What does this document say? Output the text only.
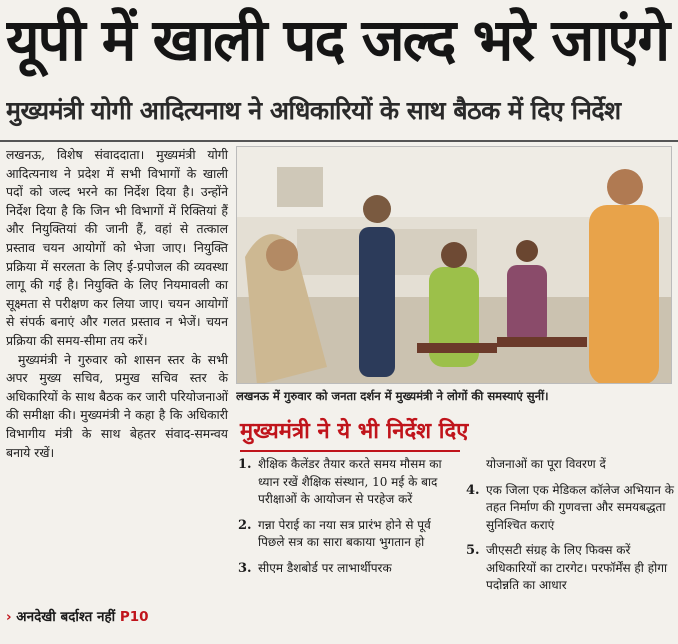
यूपी में खाली पद जल्द भरे जाएंगे
मुख्यमंत्री योगी आदित्यनाथ ने अधिकारियों के साथ बैठक में दिए निर्देश

लखनऊ, विशेष संवाददाता। मुख्यमंत्री योगी आदित्यनाथ ने प्रदेश में सभी विभागों के खाली पदों को जल्द भरने का निर्देश दिया है। उन्होंने निर्देश दिया है कि जिन भी विभागों में रिक्तियां हैं और नियुक्तियां की जानी हैं, वहां से तत्काल प्रस्ताव चयन आयोगों को भेजा जाए। नियुक्ति प्रक्रिया में सरलता के लिए ई-प्रपोजल की व्यवस्था लागू की गई है। नियुक्ति के लिए नियमावली का सूक्ष्मता से परीक्षण कर लिया जाए। चयन आयोगों से संपर्क बनाएं और गलत प्रस्ताव न भेजें। चयन प्रक्रिया की समय-सीमा तय करें।

मुख्यमंत्री ने गुरुवार को शासन स्तर के सभी अपर मुख्य सचिव, प्रमुख सचिव स्तर के अधिकारियों के साथ बैठक कर जारी परियोजनाओं की समीक्षा की। मुख्यमंत्री ने कहा है कि अधिकारी विभागीय मंत्री के साथ बेहतर संवाद-समन्वय बनाये रखें।

› अनदेखी बर्दाश्त नहीं P10
लखनऊ में गुरुवार को जनता दर्शन में मुख्यमंत्री ने लोगों की समस्याएं सुनीं।
मुख्यमंत्री ने ये भी निर्देश दिए
1. शैक्षिक कैलेंडर तैयार करते समय मौसम का ध्यान रखें शैक्षिक संस्थान, 10 मई के बाद परीक्षाओं के आयोजन से परहेज करें
2. गन्ना पेराई का नया सत्र प्रारंभ होने से पूर्व पिछले सत्र का सारा बकाया भुगतान हो
3. सीएम डैशबोर्ड पर लाभार्थीपरक
योजनाओं का पूरा विवरण दें
4. एक जिला एक मेडिकल कॉलेज अभियान के तहत निर्माण की गुणवत्ता और समयबद्धता सुनिश्चित कराएं
5. जीएसटी संग्रह के लिए फिक्स करें अधिकारियों का टारगेट। परफॉर्मेंस ही होगा पदोन्नति का आधार
